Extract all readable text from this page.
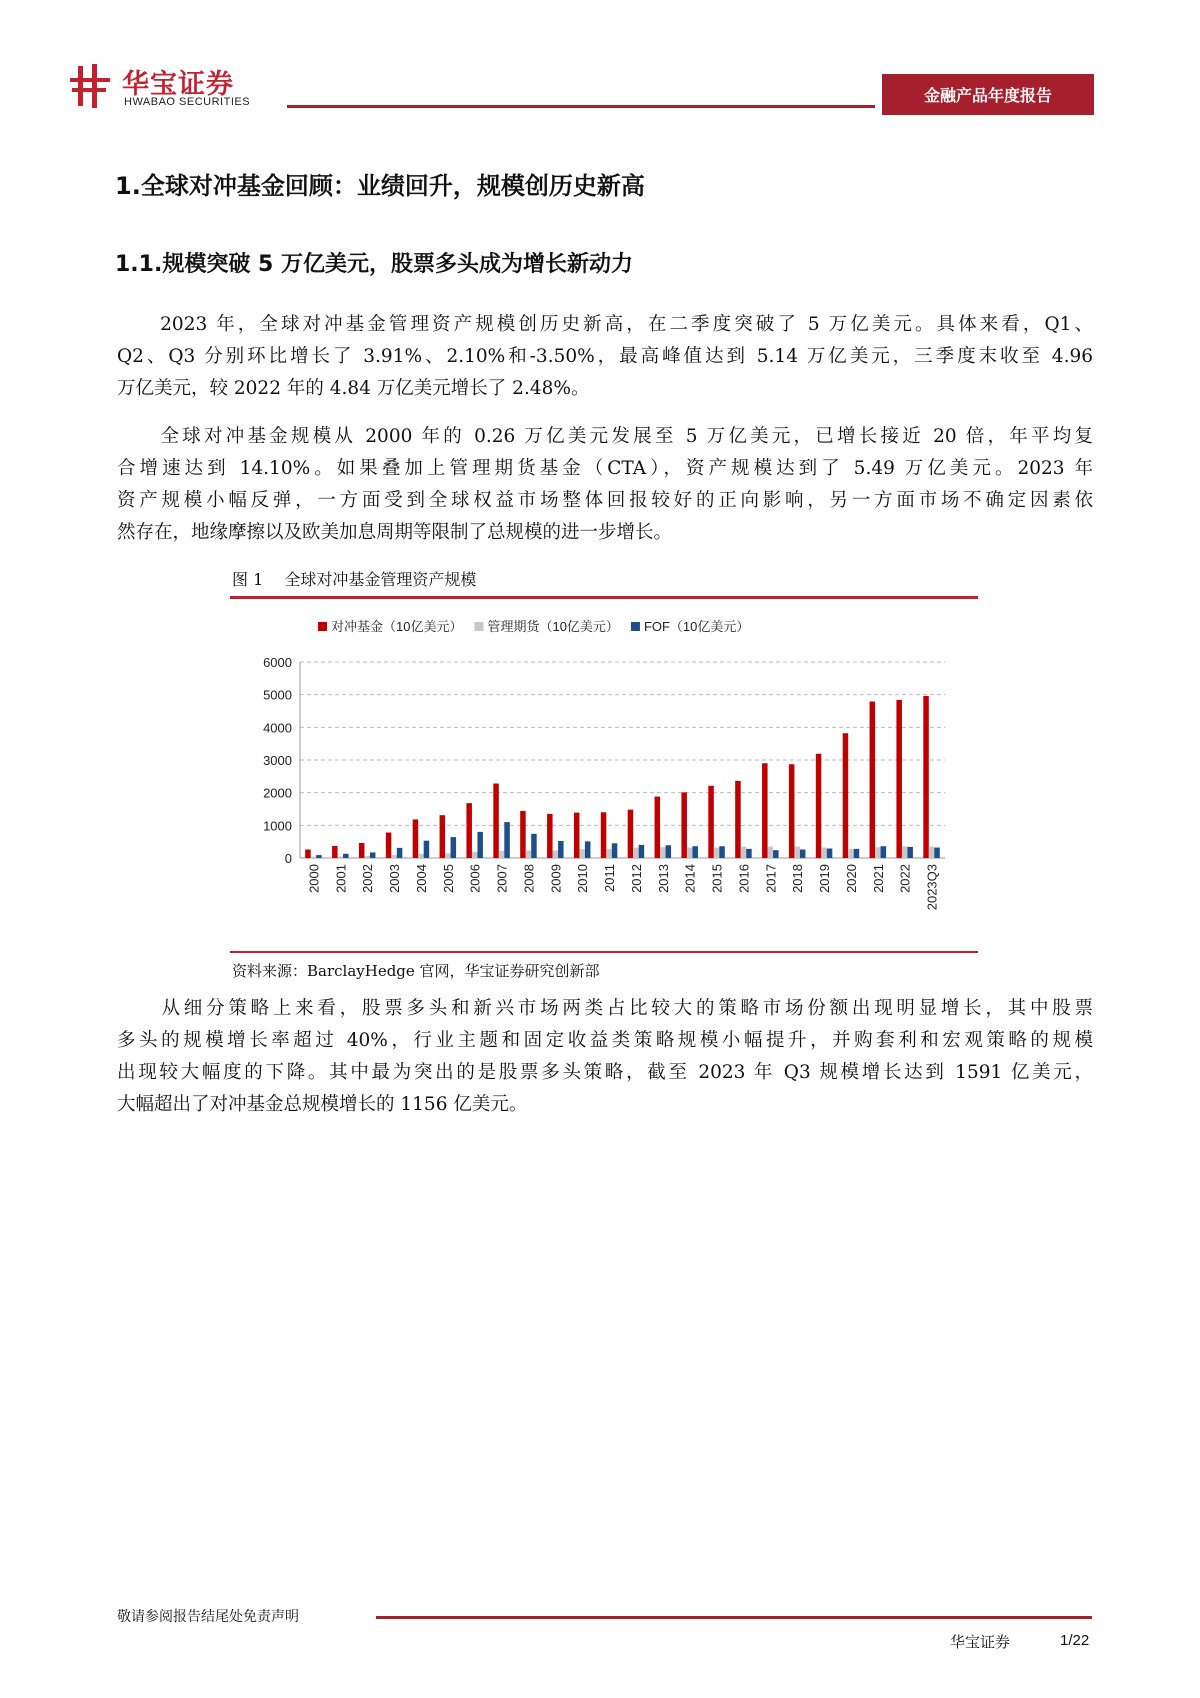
华宝证券
HWABAO SECURITIES	金融产品年度报告
1.全球对冲基金回顾：业绩回升，规模创历史新高
1.1.规模突破 5 万亿美元，股票多头成为增长新动力
　　2023 年，全球对冲基金管理资产规模创历史新高，在二季度突破了 5 万亿美元。具体来看，Q1、
Q2、Q3 分别环比增长了 3.91%、2.10%和-3.50%，最高峰值达到 5.14 万亿美元，三季度末收至 4.96
万亿美元，较 2022 年的 4.84 万亿美元增长了 2.48%。
　　全球对冲基金规模从 2000 年的 0.26 万亿美元发展至 5 万亿美元，已增长接近 20 倍，年平均复
合增速达到 14.10%。如果叠加上管理期货基金（CTA），资产规模达到了 5.49 万亿美元。2023 年
资产规模小幅反弹，一方面受到全球权益市场整体回报较好的正向影响，另一方面市场不确定因素依
然存在，地缘摩擦以及欧美加息周期等限制了总规模的进一步增长。
图 1　 全球对冲基金管理资产规模
对冲基金（10亿美元） 管理期货（10亿美元） FOF（10亿美元）
0
1000
2000
3000
4000
5000
6000
2000 2001 2002 2003 2004 2005 2006 2007 2008 2009 2010 2011 2012 2013 2014 2015 2016 2017 2018 2019 2020 2021 2022 2023Q3
资料来源：BarclayHedge 官网，华宝证券研究创新部
　　从细分策略上来看，股票多头和新兴市场两类占比较大的策略市场份额出现明显增长，其中股票
多头的规模增长率超过 40%，行业主题和固定收益类策略规模小幅提升，并购套利和宏观策略的规模
出现较大幅度的下降。其中最为突出的是股票多头策略，截至 2023 年 Q3 规模增长达到 1591 亿美元，
大幅超出了对冲基金总规模增长的 1156 亿美元。
敬请参阅报告结尾处免责声明
华宝证券	1/22
